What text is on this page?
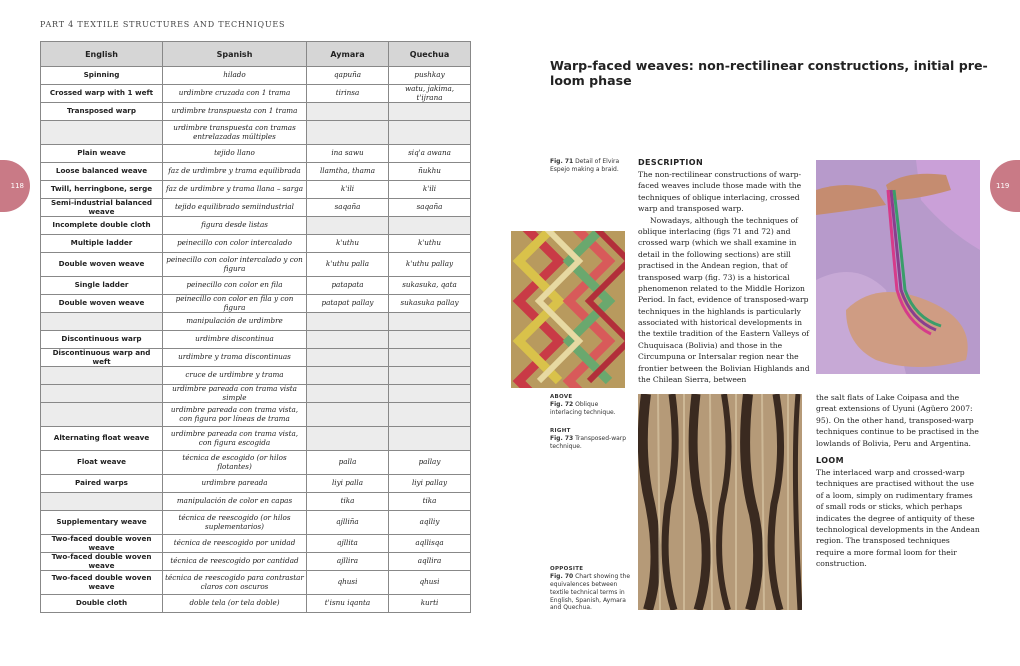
PART 4 TEXTILE STRUCTURES AND TECHNIQUES
118	119
English	Spanish	Aymara	Quechua
Spinning	hilado	qapuña	pushkay
Crossed warp with 1 weft	urdimbre cruzada con 1 trama	tirinsa	watu, jakima, t'ijrana
Transposed warp	urdimbre transpuesta con 1 trama		
	urdimbre transpuesta con tramas entrelazadas múltiples		
Plain weave	tejido llano	ina sawu	siq'a awana
Loose balanced weave	faz de urdimbre y trama equilibrada	llamtha, thama	ñukhu
Twill, herringbone, serge	faz de urdimbre y trama llana – sarga	k'ili	k'ili
Semi-industrial balanced weave	tejido equilibrado semiindustrial	saqaña	saqaña
Incomplete double cloth	figura desde listas		
Multiple ladder	peinecillo con color intercalado	k'uthu	k'uthu
Double woven weave	peinecillo con color intercalado y con figura	k'uthu palla	k'uthu pallay
Single ladder	peinecillo con color en fila	patapata	sukasuka, qata
Double woven weave	peinecillo con color en fila y con figura	patapat pallay	sukasuka pallay
	manipulación de urdimbre		
Discontinuous warp	urdimbre discontinua		
Discontinuous warp and weft	urdimbre y trama discontinuas		
	cruce de urdimbre y trama		
	urdimbre pareada con trama vista simple		
	urdimbre pareada con trama vista, con figura por líneas de trama		
Alternating float weave	urdimbre pareada con trama vista, con figura escogida		
Float weave	técnica de escogido (or hilos flotantes)	palla	pallay
Paired warps	urdimbre pareada	liyi palla	liyi pallay
	manipulación de color en capas	tika	tika
Supplementary weave	técnica de reescogido (or hilos suplementarios)	ajlliña	aqlliy
Two-faced double woven weave	técnica de reescogido por unidad	ajllita	aqllisqa
Two-faced double woven weave	técnica de reescogido por cantidad	ajllira	aqllira
Two-faced double woven weave	técnica de reescogido para contrastar claros con oscuros	qhusi	qhusi
Double cloth	doble tela (or tela doble)	t'isnu iqanta	kurti
Warp-faced weaves: non-rectilinear constructions, initial pre-loom phase
Fig. 71 Detail of Elvira Espejo making a braid.
ABOVE
Fig. 72 Oblique interlacing technique.
RIGHT
Fig. 73 Transposed-warp technique.
OPPOSITE
Fig. 70 Chart showing the equivalences between textile technical terms in English, Spanish, Aymara and Quechua.
DESCRIPTION

The non-rectilinear constructions of warp-faced weaves include those made with the techniques of oblique interlacing, crossed warp and transposed warp.

Nowadays, although the techniques of oblique interlacing (figs 71 and 72) and crossed warp (which we shall examine in detail in the following sections) are still practised in the Andean region, that of transposed warp (fig. 73) is a historical phenomenon related to the Middle Horizon Period. In fact, evidence of transposed-warp techniques in the highlands is particularly associated with historical developments in the textile tradition of the Eastern Valleys of Chuquisaca (Bolivia) and those in the Circumpuna or Intersalar region near the frontier between the Bolivian Highlands and the Chilean Sierra, between

the salt flats of Lake Coipasa and the great extensions of Uyuni (Agüero 2007: 95). On the other hand, transposed-warp techniques continue to be practised in the lowlands of Bolivia, Peru and Argentina.

LOOM

The interlaced warp and crossed-warp techniques are practised without the use of a loom, simply on rudimentary frames of small rods or sticks, which perhaps indicates the degree of antiquity of these technological developments in the Andean region. The transposed techniques require a more formal loom for their construction.
